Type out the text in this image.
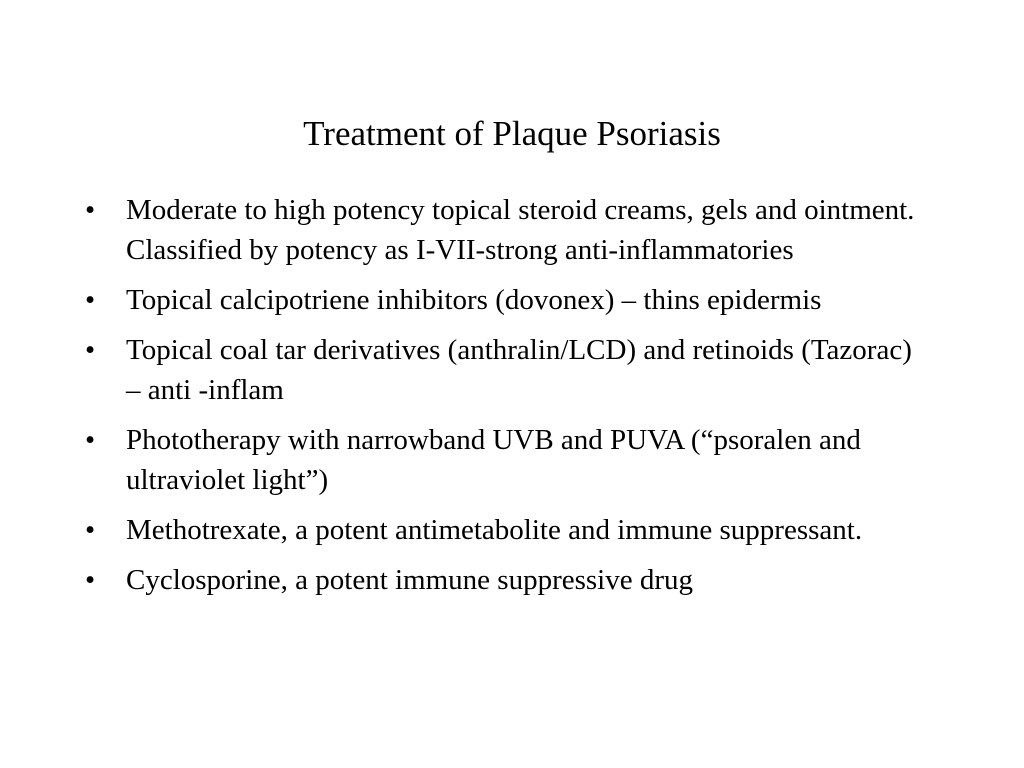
Treatment of Plaque Psoriasis
• Moderate to high potency topical steroid creams, gels and ointment. Classified by potency as I-VII-strong anti-inflammatories
• Topical calcipotriene inhibitors (dovonex) – thins epidermis
• Topical coal tar derivatives (anthralin/LCD) and retinoids (Tazorac) – anti -inflam
• Phototherapy with narrowband UVB and PUVA (“psoralen and ultraviolet light”)
• Methotrexate, a potent antimetabolite and immune suppressant.
• Cyclosporine, a potent immune suppressive drug
